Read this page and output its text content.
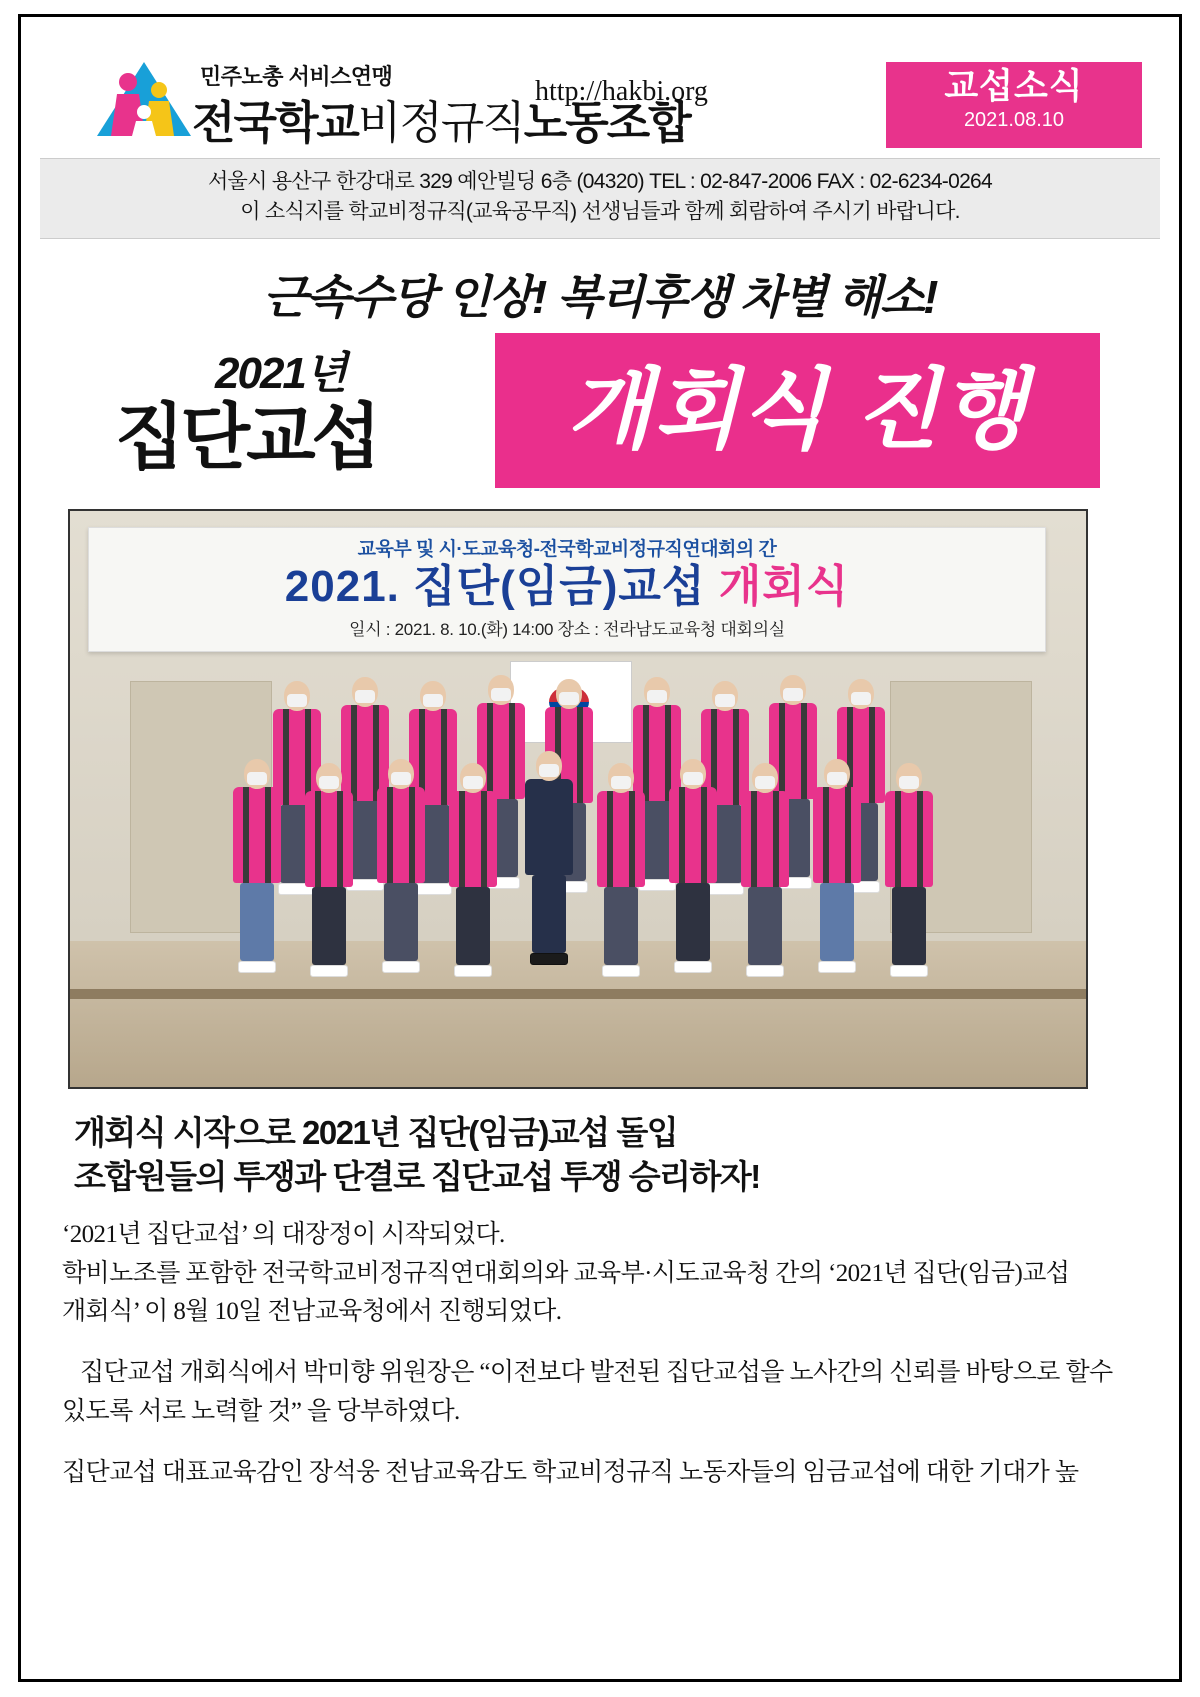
민주노총 서비스연맹
전국학교비정규직노동조합
http://hakbi.org	교섭소식
2021.08.10
서울시 용산구 한강대로 329 예안빌딩 6층 (04320) TEL : 02-847-2006 FAX : 02-6234-0264
이 소식지를 학교비정규직(교육공무직) 선생님들과 함께 회람하여 주시기 바랍니다.
근속수당 인상! 복리후생 차별 해소!
2021년
집단교섭 개회식 진행
교육부 및 시·도교육청-전국학교비정규직연대회의 간
2021. 집단(임금)교섭 개회식
일시 : 2021. 8. 10.(화) 14:00 장소 : 전라남도교육청 대회의실
개회식 시작으로 2021년 집단(임금)교섭 돌입
조합원들의 투쟁과 단결로 집단교섭 투쟁 승리하자!

‘2021년 집단교섭’ 의 대장정이 시작되었다.
학비노조를 포함한 전국학교비정규직연대회의와 교육부·시도교육청 간의 ‘2021년 집단(임금)교섭
개회식’ 이 8월 10일 전남교육청에서 진행되었다.

집단교섭 개회식에서 박미향 위원장은 “이전보다 발전된 집단교섭을 노사간의 신뢰를 바탕으로 할수 있도록 서로 노력할 것” 을 당부하였다.

집단교섭 대표교육감인 장석웅 전남교육감도 학교비정규직 노동자들의 임금교섭에 대한 기대가 높
